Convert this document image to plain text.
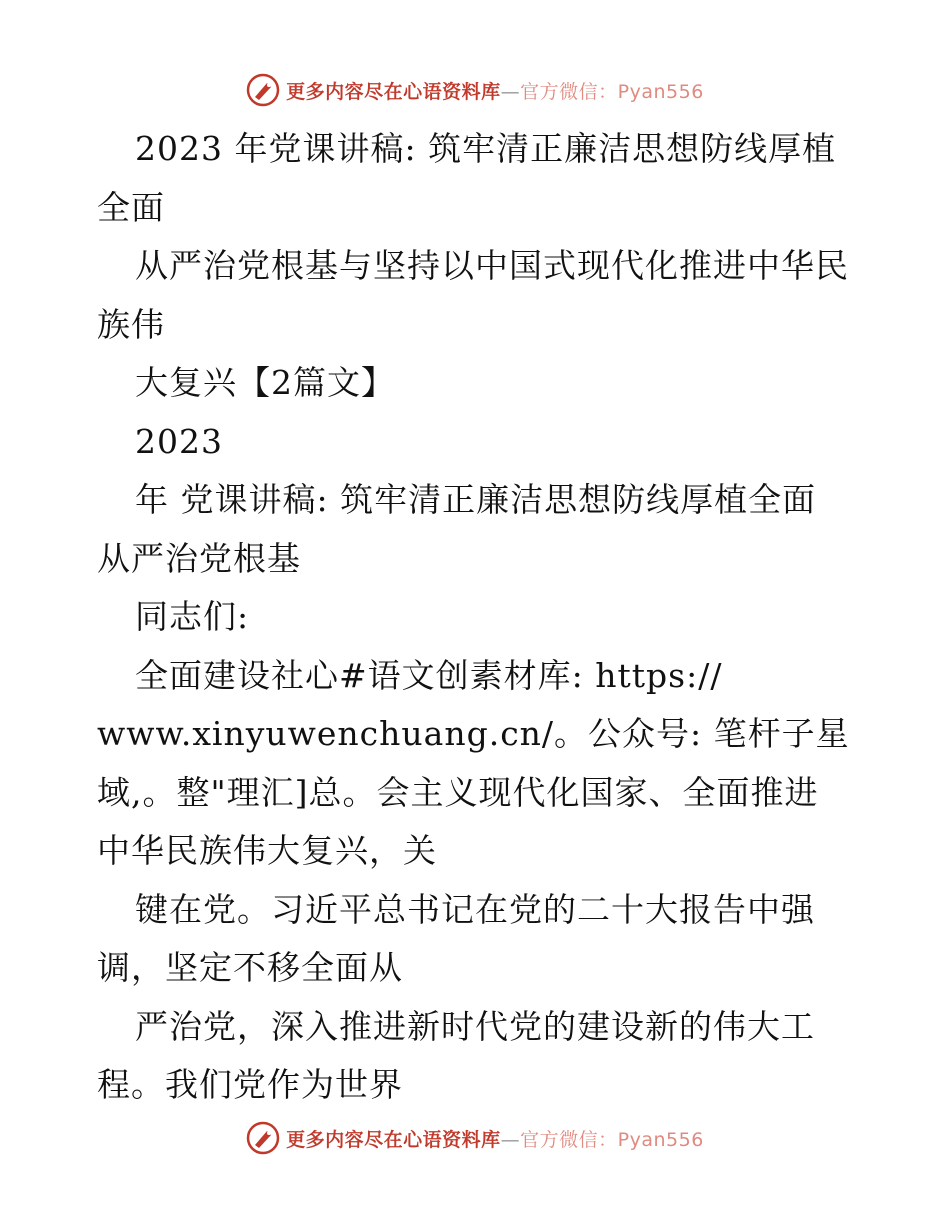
更多内容尽在心语资料库—官方微信：Pyan556
2023 年党课讲稿: 筑牢清正廉洁思想防线厚植
全面
从严治党根基与坚持以中国式现代化推进中华民
族伟
大复兴【2篇文】
2023
年 党课讲稿: 筑牢清正廉洁思想防线厚植全面
从严治党根基
同志们:
全面建设社心#语文创素材库: https://
www.xinyuwenchuang.cn/。公众号: 笔杆子星
域,。整"理汇]总。会主义现代化国家、全面推进
中华民族伟大复兴，关
键在党。习近平总书记在党的二十大报告中强
调，坚定不移全面从
严治党，深入推进新时代党的建设新的伟大工
程。我们党作为世界
更多内容尽在心语资料库—官方微信：Pyan556
